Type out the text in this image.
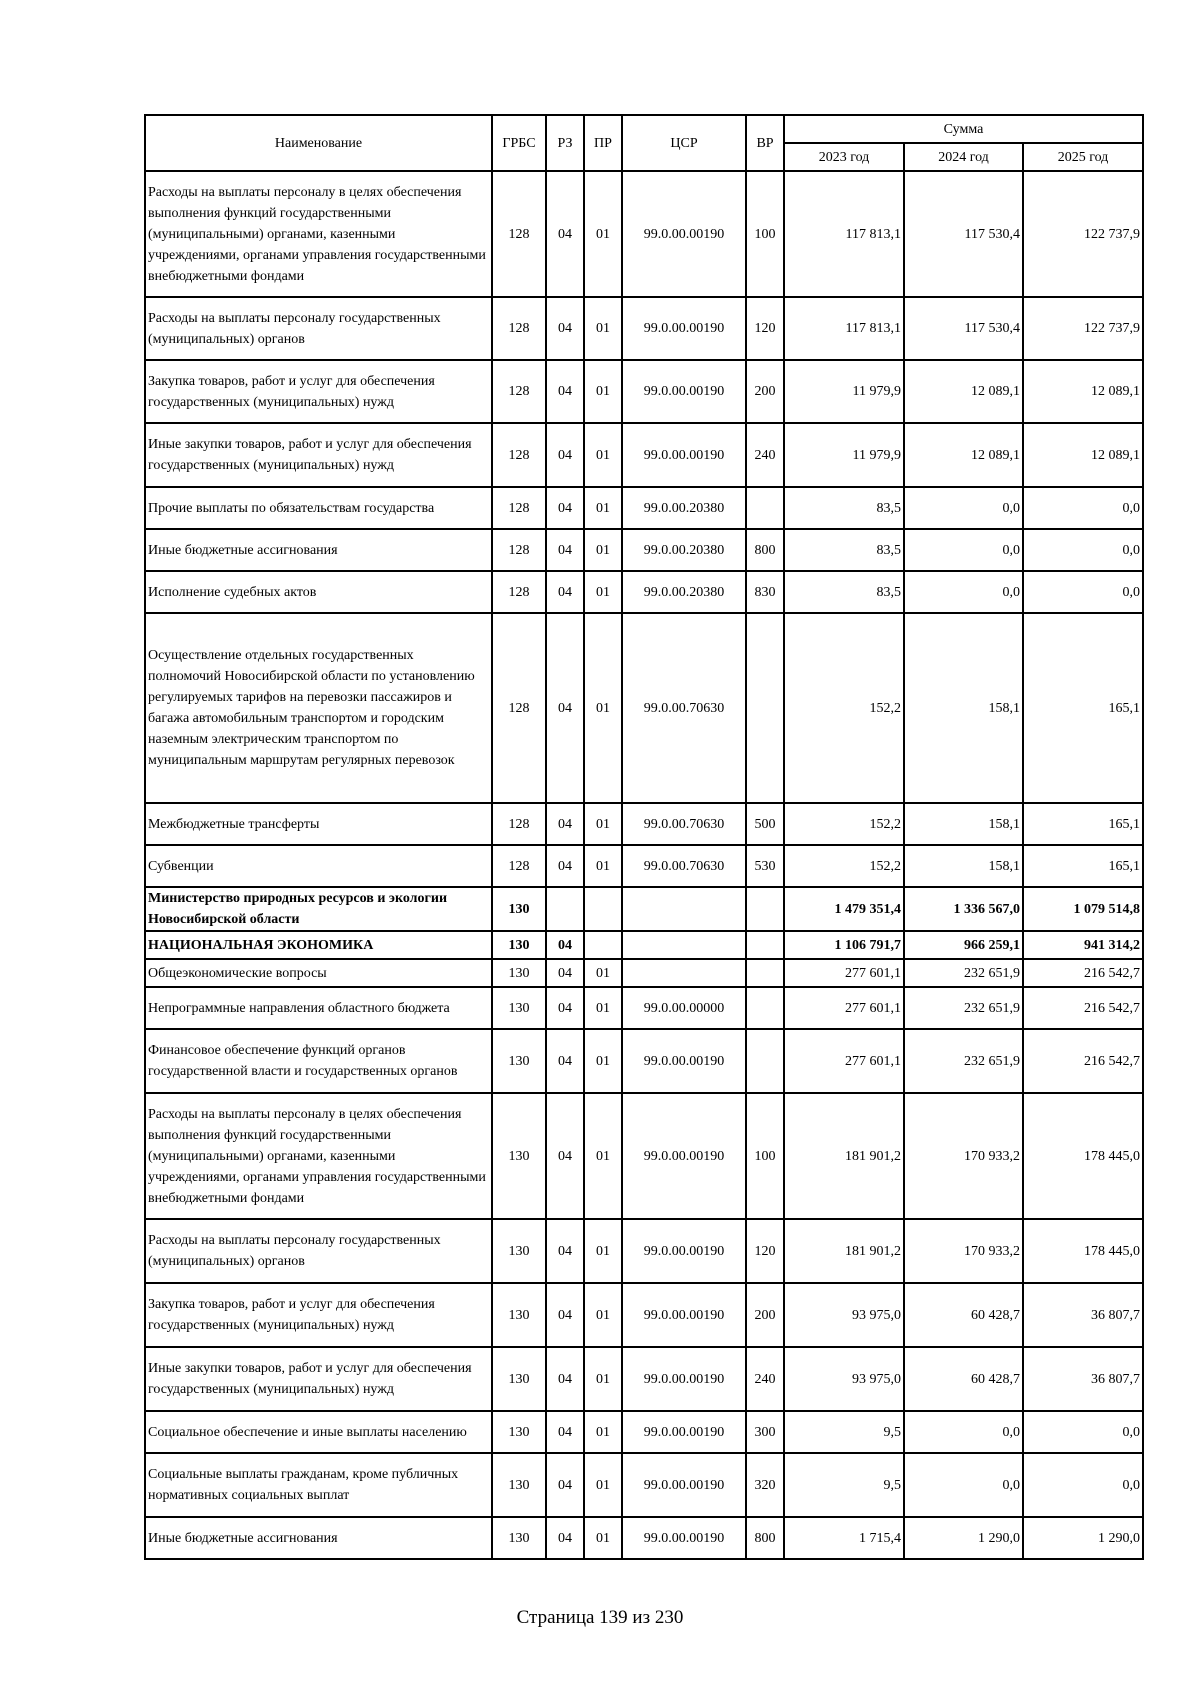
Наименование	ГРБС	РЗ	ПР	ЦСР	ВР	Сумма		
						2023 год	2024 год	2025 год
Расходы на выплаты персоналу в целях обеспечения выполнения функций государственными (муниципальными) органами, казенными учреждениями, органами управления государственными внебюджетными фондами	128	04	01	99.0.00.00190	100	117 813,1	117 530,4	122 737,9
Расходы на выплаты персоналу государственных (муниципальных) органов	128	04	01	99.0.00.00190	120	117 813,1	117 530,4	122 737,9
Закупка товаров, работ и услуг для обеспечения государственных (муниципальных) нужд	128	04	01	99.0.00.00190	200	11 979,9	12 089,1	12 089,1
Иные закупки товаров, работ и услуг для обеспечения государственных (муниципальных) нужд	128	04	01	99.0.00.00190	240	11 979,9	12 089,1	12 089,1
Прочие выплаты по обязательствам государства	128	04	01	99.0.00.20380		83,5	0,0	0,0
Иные бюджетные ассигнования	128	04	01	99.0.00.20380	800	83,5	0,0	0,0
Исполнение судебных актов	128	04	01	99.0.00.20380	830	83,5	0,0	0,0
Осуществление отдельных государственных полномочий Новосибирской области по установлению регулируемых тарифов на перевозки пассажиров и багажа автомобильным транспортом и городским наземным электрическим транспортом по муниципальным маршрутам регулярных перевозок	128	04	01	99.0.00.70630		152,2	158,1	165,1
Межбюджетные трансферты	128	04	01	99.0.00.70630	500	152,2	158,1	165,1
Субвенции	128	04	01	99.0.00.70630	530	152,2	158,1	165,1
Министерство природных ресурсов и экологии Новосибирской области	130					1 479 351,4	1 336 567,0	1 079 514,8
НАЦИОНАЛЬНАЯ ЭКОНОМИКА	130	04				1 106 791,7	966 259,1	941 314,2
Общеэкономические вопросы	130	04	01			277 601,1	232 651,9	216 542,7
Непрограммные направления областного бюджета	130	04	01	99.0.00.00000		277 601,1	232 651,9	216 542,7
Финансовое обеспечение функций органов государственной власти и государственных органов	130	04	01	99.0.00.00190		277 601,1	232 651,9	216 542,7
Расходы на выплаты персоналу в целях обеспечения выполнения функций государственными (муниципальными) органами, казенными учреждениями, органами управления государственными внебюджетными фондами	130	04	01	99.0.00.00190	100	181 901,2	170 933,2	178 445,0
Расходы на выплаты персоналу государственных (муниципальных) органов	130	04	01	99.0.00.00190	120	181 901,2	170 933,2	178 445,0
Закупка товаров, работ и услуг для обеспечения государственных (муниципальных) нужд	130	04	01	99.0.00.00190	200	93 975,0	60 428,7	36 807,7
Иные закупки товаров, работ и услуг для обеспечения государственных (муниципальных) нужд	130	04	01	99.0.00.00190	240	93 975,0	60 428,7	36 807,7
Социальное обеспечение и иные выплаты населению	130	04	01	99.0.00.00190	300	9,5	0,0	0,0
Социальные выплаты гражданам, кроме публичных нормативных социальных выплат	130	04	01	99.0.00.00190	320	9,5	0,0	0,0
Иные бюджетные ассигнования	130	04	01	99.0.00.00190	800	1 715,4	1 290,0	1 290,0
Страница 139 из 230
